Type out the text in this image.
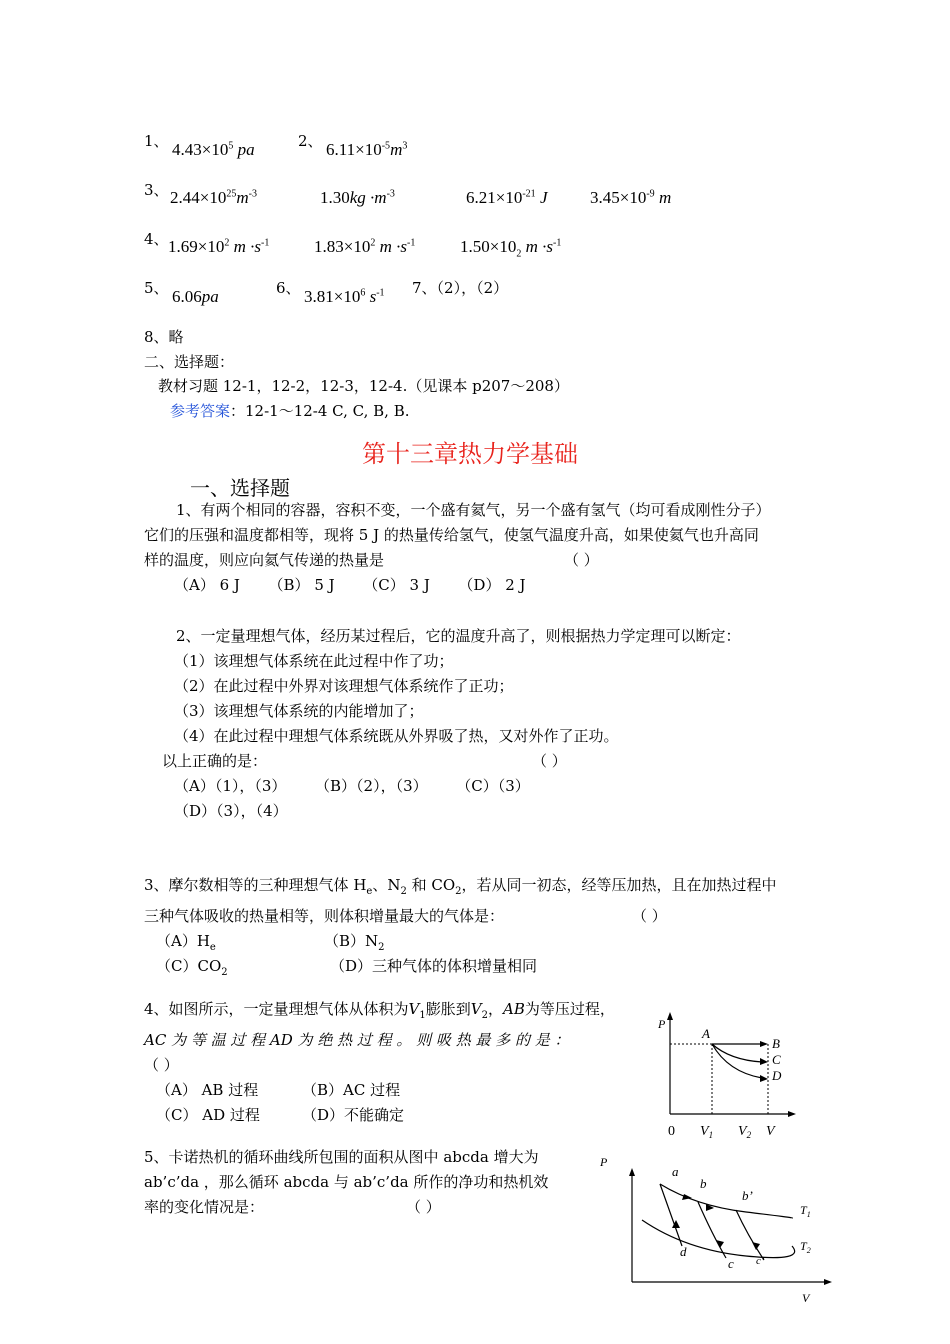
1、 $4.43\times 10^5$ pa	2、 $6.11\times 10^{-5}m^3$
3、 $2.44\times 10^{25}m^{-3}$	$1.30kg \cdot m^{-3}$	$6.21\times 10^{-21}$ J	$3.45\times 10^{-9}$ m
4、 $1.69\times 10^2$ $m \cdot s^{-1}$	$1.83\times 10^2$ $m \cdot s^{-1}$	$1.50\times 10_2$ $m \cdot s^{-1}$
5、 6.06pa	6、 $3.81\times 10^6$ $s^{-1}$ 7、（2），（2）
8、略
二、选择题：
教材习题 12-1，12-2，12-3，12-4.（见课本 p207～208）
参考答案：12-1～12-4 C, C, B, B.
第十三章热力学基础
一、选择题
1、有两个相同的容器，容积不变，一个盛有氦气，另一个盛有氢气（均可看成刚性分子）
它们的压强和温度都相等，现将 5 J 的热量传给氢气，使氢气温度升高，如果使氦气也升高同
样的温度，则应向氦气传递的热量是	（ ）
（A） 6 J      （B） 5 J      （C） 3 J      （D） 2 J
2、一定量理想气体，经历某过程后，它的温度升高了，则根据热力学定理可以断定：
（1）该理想气体系统在此过程中作了功；
（2）在此过程中外界对该理想气体系统作了正功；
（3）该理想气体系统的内能增加了；
（4）在此过程中理想气体系统既从外界吸了热，又对外作了正功。
以上正确的是：	（ ）
（A）（1），（3）      （B）（2），（3）      （C）（3）
（D）（3），（4）
3、摩尔数相等的三种理想气体 $H_e$、$N_2$ 和 $CO_2$，若从同一初态，经等压加热，且在加热过程中
三种气体吸收的热量相等，则体积增量最大的气体是：	（ ）
$(A)H_e$	$(B)N_2$
$(C)CO_2$	（D）三种气体的体积增量相同
4、如图所示，一定量理想气体从体积为$V_1$膨胀到$V_2$，AB为等压过程，
AC 为 等 温 过 程 AD 为 绝 热 过 程 。 则 吸 热 最 多 的 是 ：
（ ）
（A） AB 过程	（B）AC 过程
（C） AD 过程	（D）不能确定
P
A
B
C
D
0 $V_1$ $V_2$ V
5、卡诺热机的循环曲线所包围的面积从图中 abcda 增大为
ab’c’da ，那么循环 abcda 与 ab’c’da 所作的净功和热机效
率的变化情况是：	（ ）
P
V
a
b
b’
d
c c’
$T_1$
$T_2$
